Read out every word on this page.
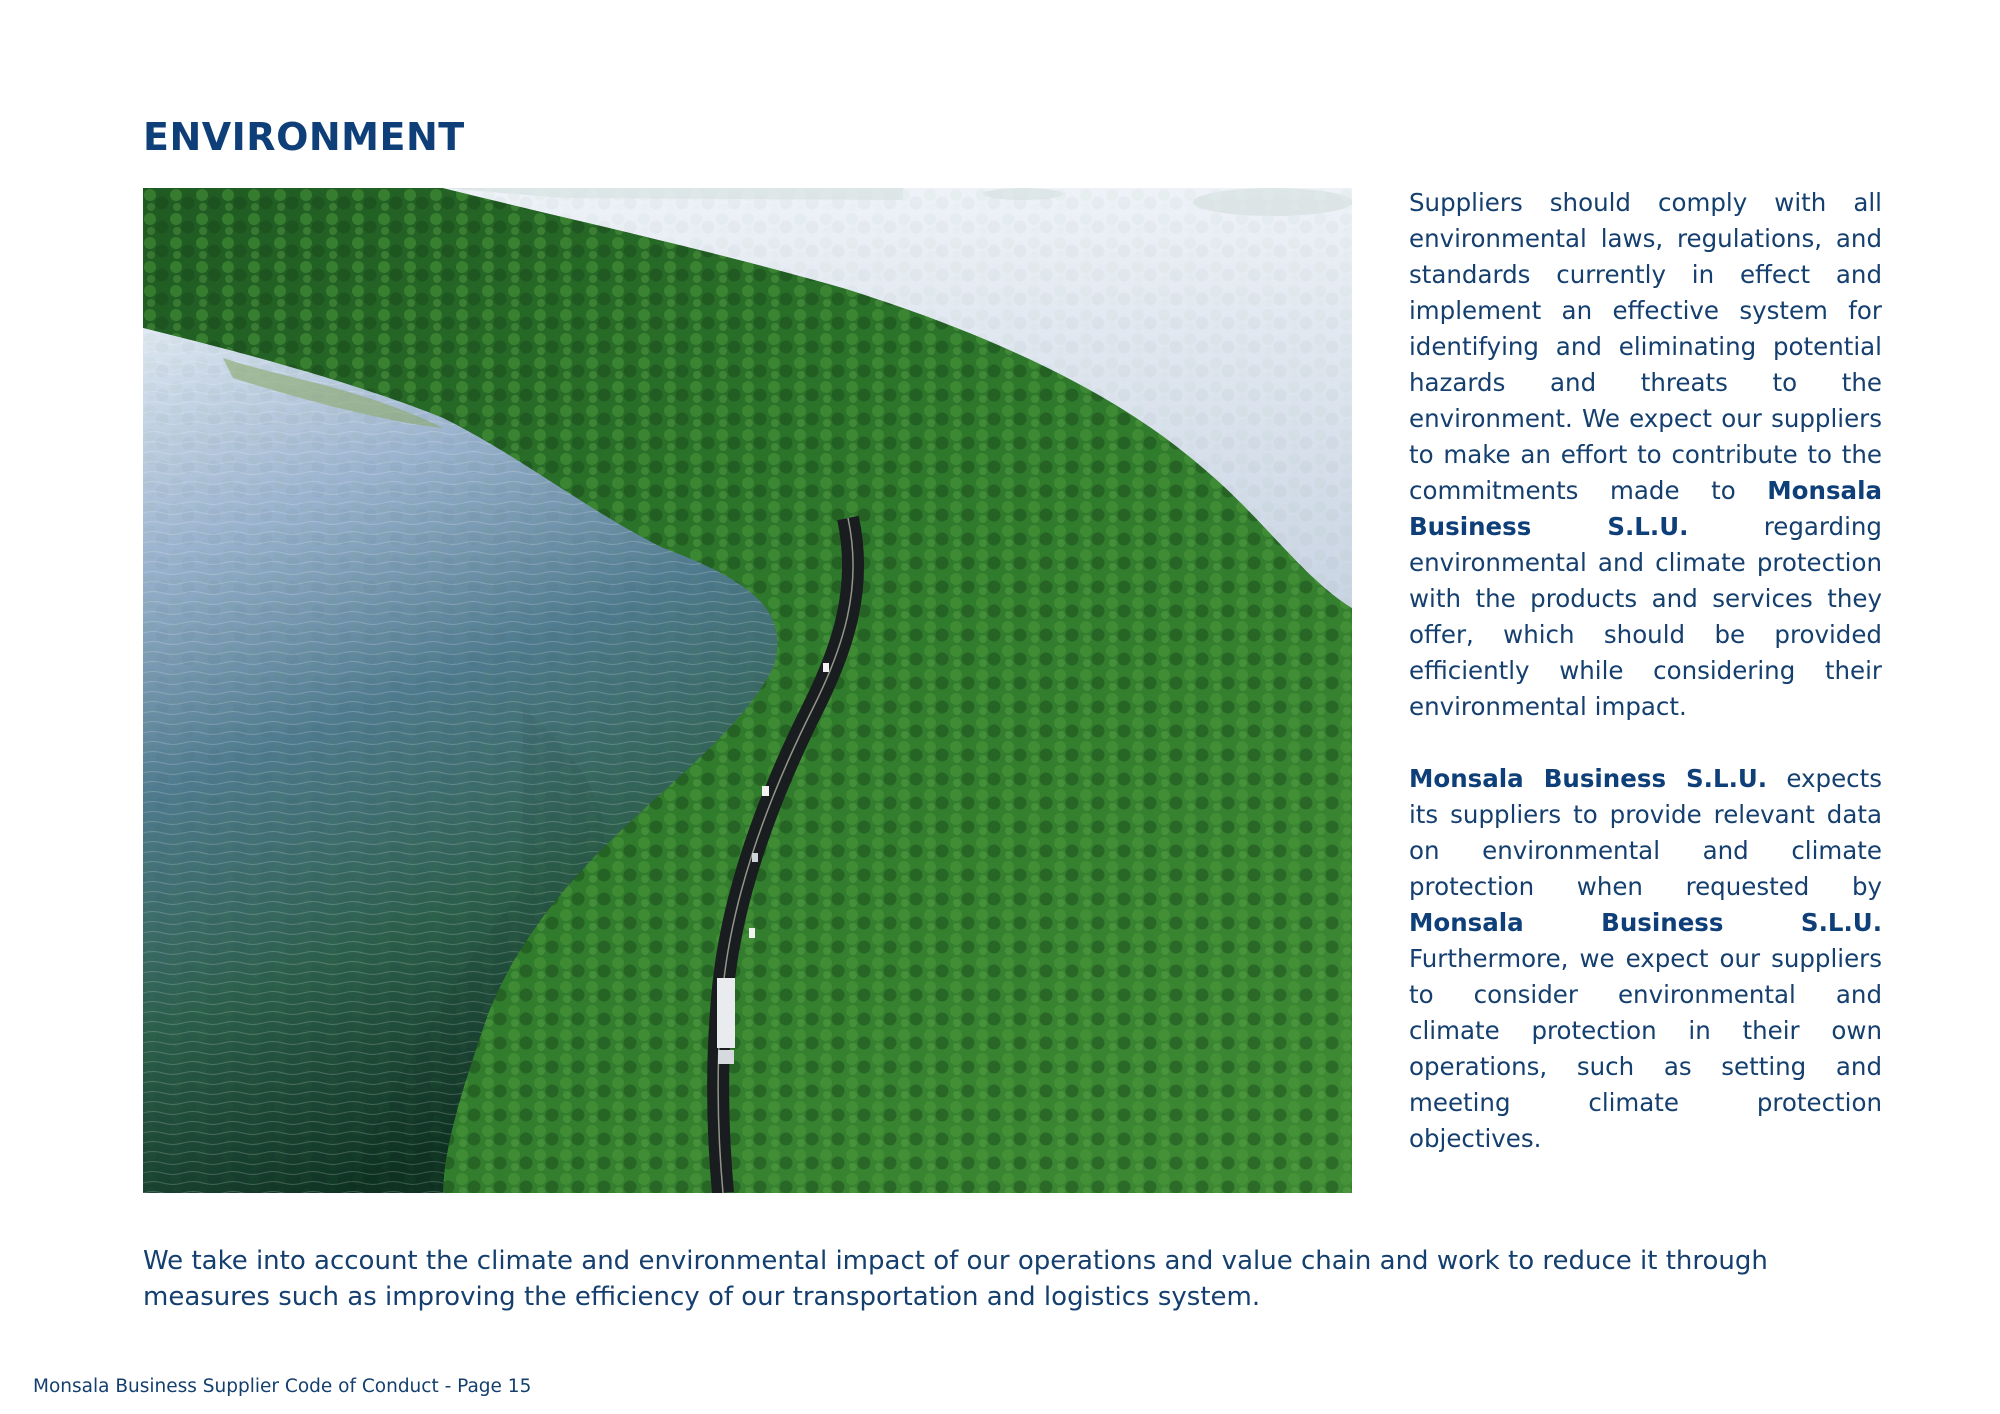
ENVIRONMENT

Suppliers should comply with all environmental laws, regulations, and standards currently in effect and implement an effective system for identifying and eliminating potential hazards and threats to the environment. We expect our suppliers to make an effort to contribute to the commitments made to Monsala Business S.L.U. regarding environmental and climate protection with the products and services they offer, which should be provided efficiently while considering their environmental impact.

Monsala Business S.L.U. expects its suppliers to provide relevant data on environmental and climate protection when requested by Monsala Business S.L.U. Furthermore, we expect our suppliers to consider environmental and climate protection in their own operations, such as setting and meeting climate protection objectives.

We take into account the climate and environmental impact of our operations and value chain and work to reduce it through measures such as improving the efficiency of our transportation and logistics system.

Monsala Business Supplier Code of Conduct - Page 15
